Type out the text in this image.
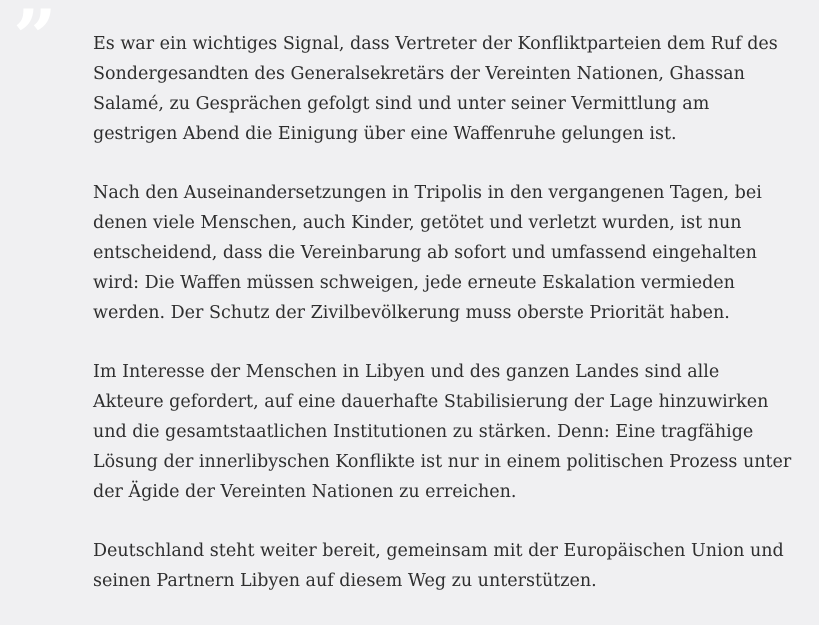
” Es war ein wichtiges Signal, dass Vertreter der Konfliktparteien dem Ruf des Sondergesandten des Generalsekretärs der Vereinten Nationen, Ghassan Salamé, zu Gesprächen gefolgt sind und unter seiner Vermittlung am gestrigen Abend die Einigung über eine Waffenruhe gelungen ist.

Nach den Auseinandersetzungen in Tripolis in den vergangenen Tagen, bei denen viele Menschen, auch Kinder, getötet und verletzt wurden, ist nun entscheidend, dass die Vereinbarung ab sofort und umfassend eingehalten wird: Die Waffen müssen schweigen, jede erneute Eskalation vermieden werden. Der Schutz der Zivilbevölkerung muss oberste Priorität haben.

Im Interesse der Menschen in Libyen und des ganzen Landes sind alle Akteure gefordert, auf eine dauerhafte Stabilisierung der Lage hinzuwirken und die gesamtstaatlichen Institutionen zu stärken. Denn: Eine tragfähige Lösung der innerlibyschen Konflikte ist nur in einem politischen Prozess unter der Ägide der Vereinten Nationen zu erreichen.

Deutschland steht weiter bereit, gemeinsam mit der Europäischen Union und seinen Partnern Libyen auf diesem Weg zu unterstützen.
